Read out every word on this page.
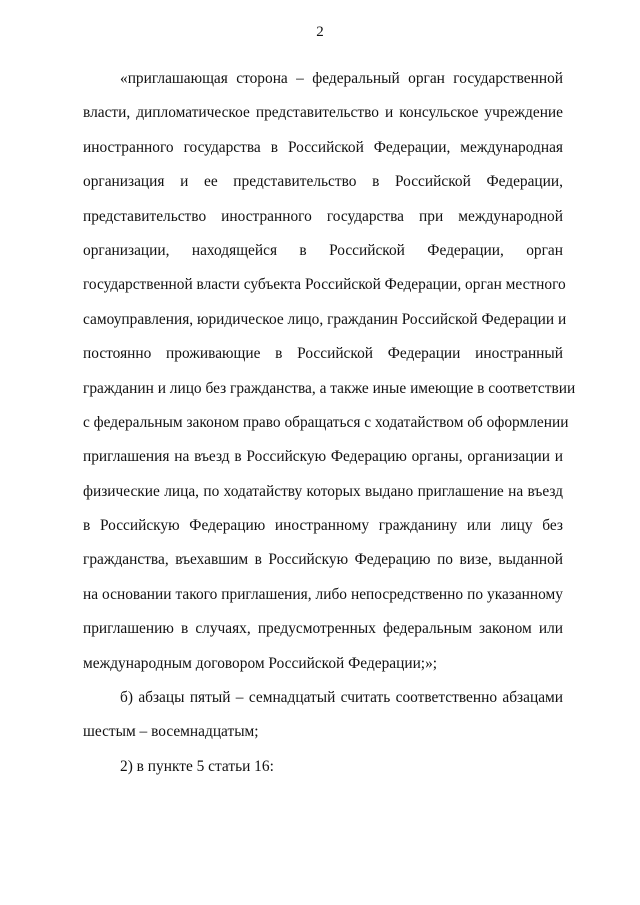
2
«приглашающая сторона – федеральный орган государственной
власти, дипломатическое представительство и консульское учреждение
иностранного государства в Российской Федерации, международная
организация и ее представительство в Российской Федерации,
представительство иностранного государства при международной
организации, находящейся в Российской Федерации, орган
государственной власти субъекта Российской Федерации, орган местного
самоуправления, юридическое лицо, гражданин Российской Федерации и
постоянно проживающие в Российской Федерации иностранный
гражданин и лицо без гражданства, а также иные имеющие в соответствии
с федеральным законом право обращаться с ходатайством об оформлении
приглашения на въезд в Российскую Федерацию органы, организации и
физические лица, по ходатайству которых выдано приглашение на въезд
в Российскую Федерацию иностранному гражданину или лицу без
гражданства, въехавшим в Российскую Федерацию по визе, выданной
на основании такого приглашения, либо непосредственно по указанному
приглашению в случаях, предусмотренных федеральным законом или
международным договором Российской Федерации;»;
б) абзацы пятый – семнадцатый считать соответственно абзацами
шестым – восемнадцатым;
2) в пункте 5 статьи 16:
